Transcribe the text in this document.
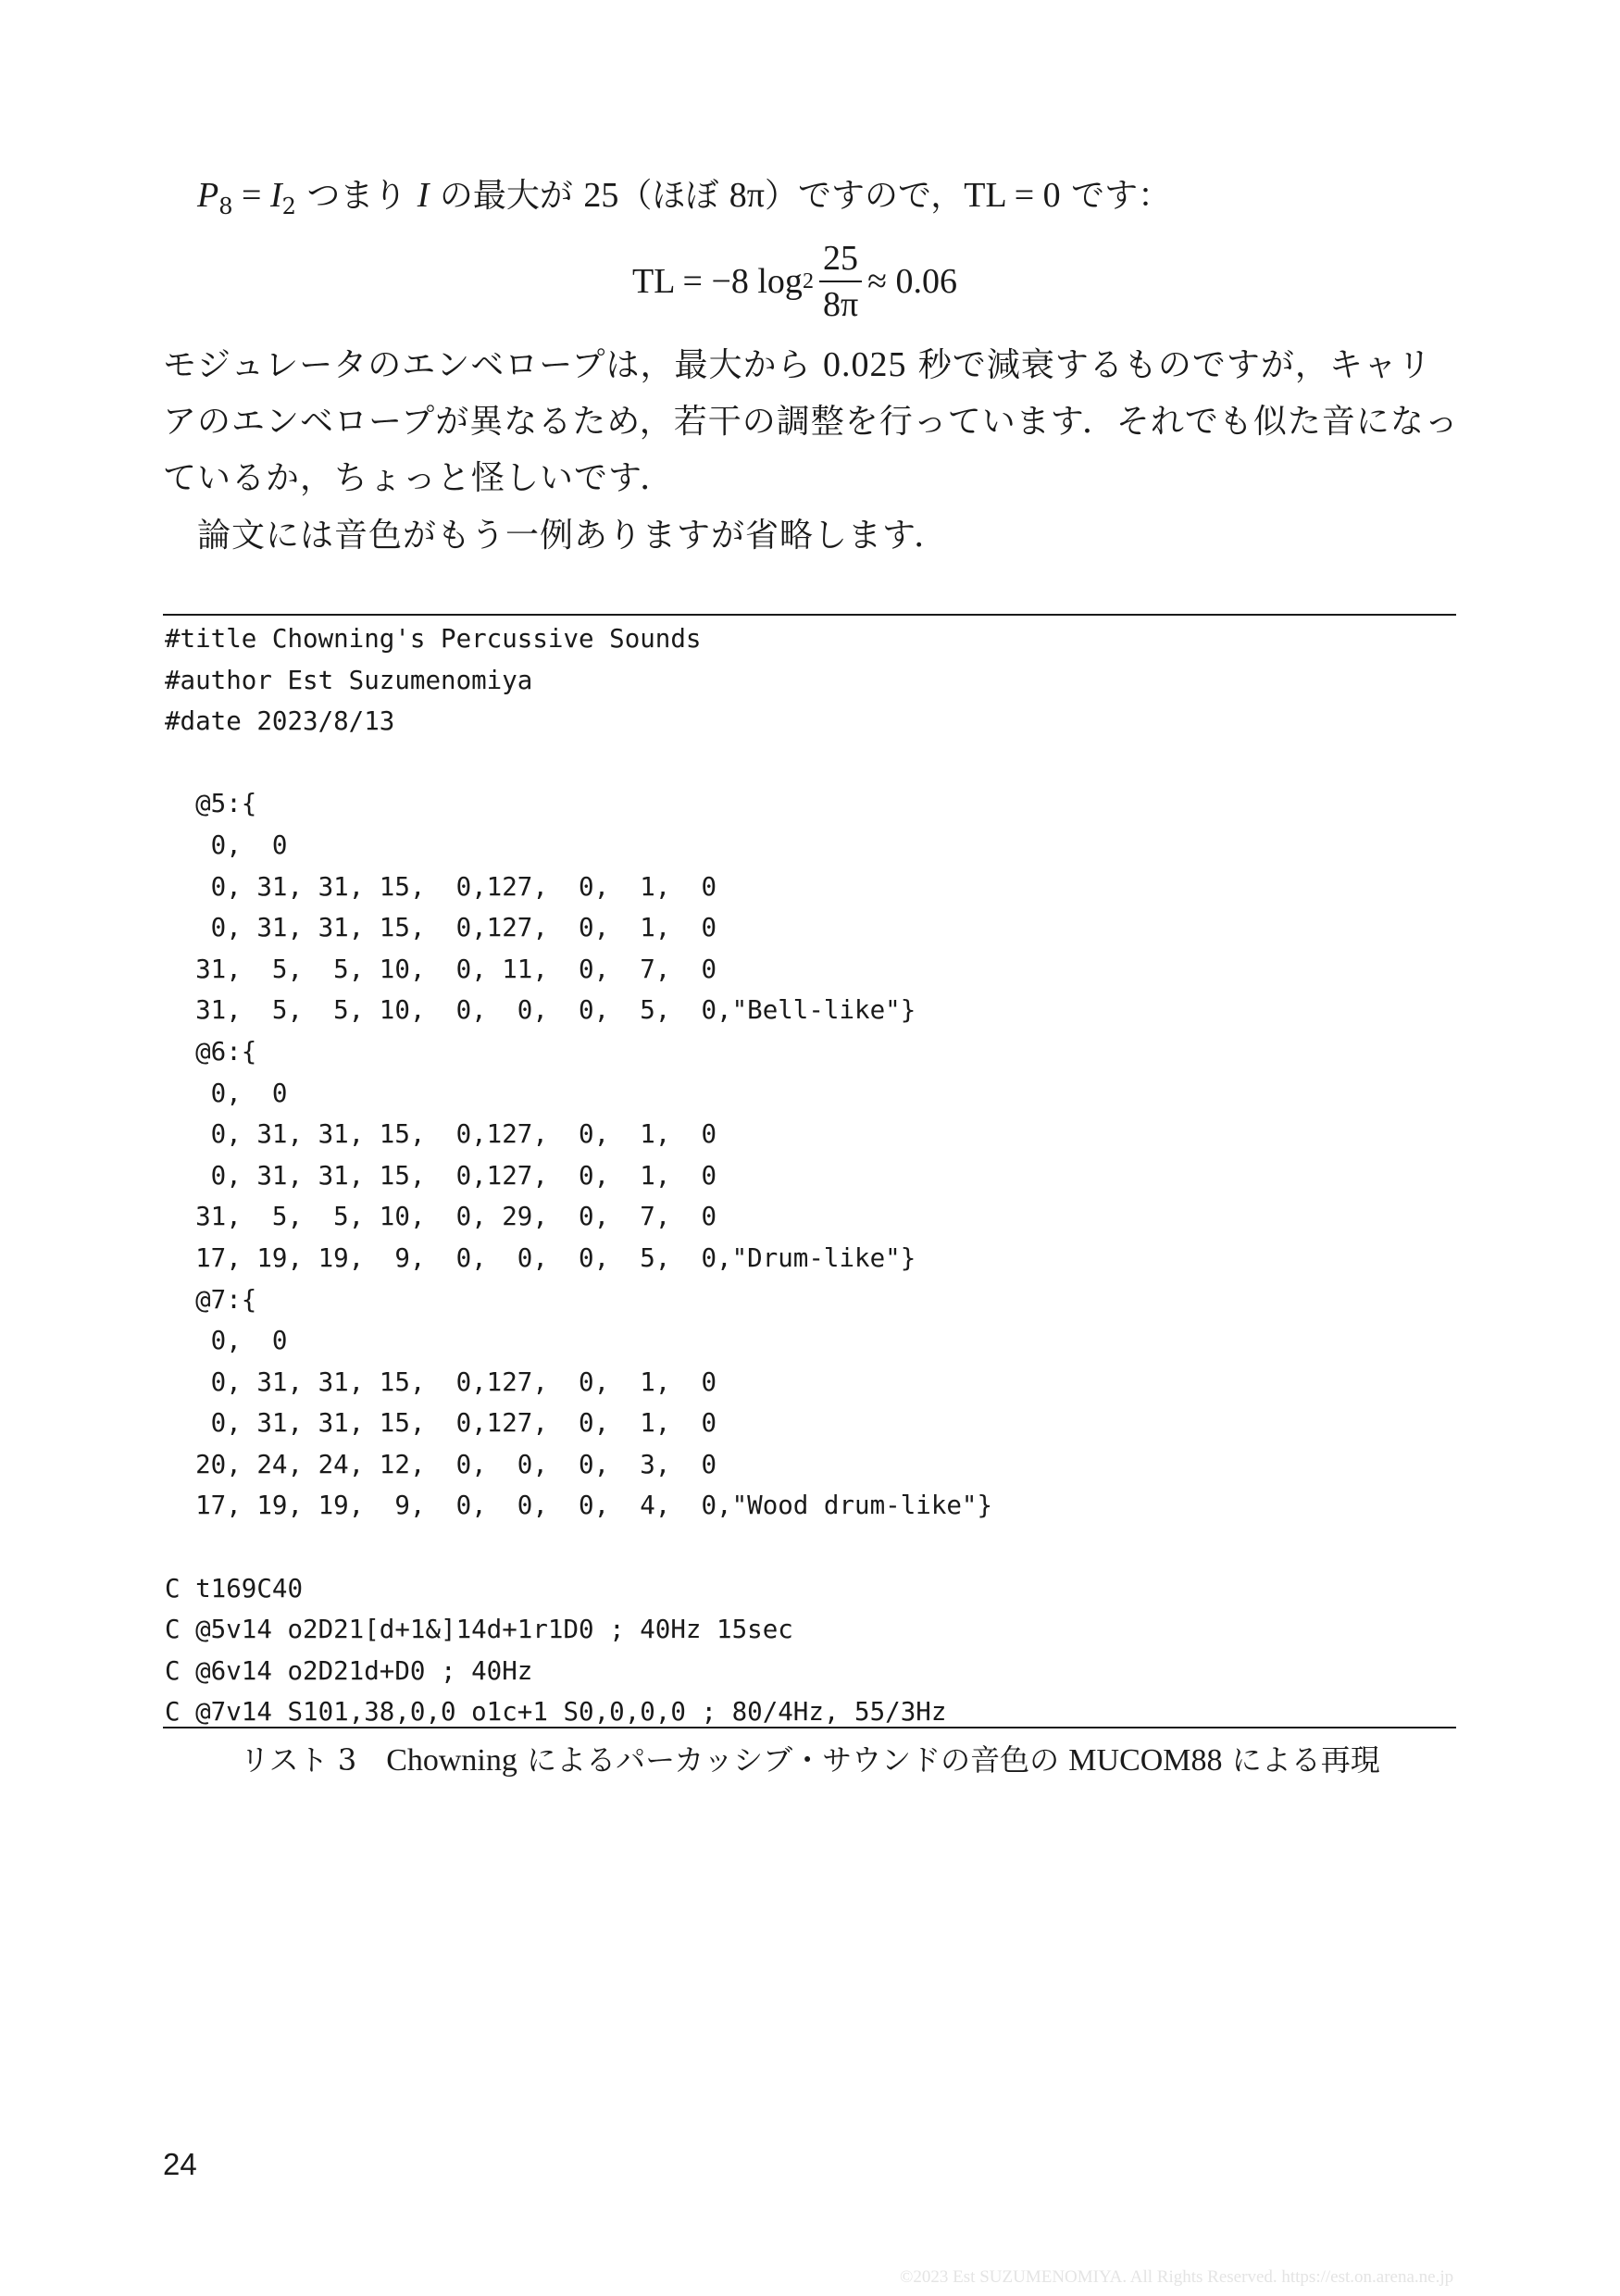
$P_8 = I_2$ つまり I の最大が 25（ほぼ 8π）ですので，TL = 0 です：
TL = −8 $\log 2 \frac{25}{8\pi} \approx 0.06$
モジュレータのエンベロープは，最大から 0.025 秒で減衰するものですが，キャリアのエンベロープが異なるため，若干の調整を行っています．それでも似た音になっているか，ちょっと怪しいです．
論文には音色がもう一例ありますが省略します．
#title Chowning's Percussive Sounds
#author Est Suzumenomiya
#date 2023/8/13
@5:{
0,  0
0, 31, 31, 15,  0,127,  0,  1,  0
0, 31, 31, 15,  0,127,  0,  1,  0
31,  5,  5, 10,  0, 11,  0,  7,  0
31,  5,  5, 10,  0,  0,  0,  5,  0,"Bell-like"}
@6:{
0,  0
0, 31, 31, 15,  0,127,  0,  1,  0
0, 31, 31, 15,  0,127,  0,  1,  0
31,  5,  5, 10,  0, 29,  0,  7,  0
17, 19, 19,  9,  0,  0,  0,  5,  0,"Drum-like"}
@7:{
0,  0
0, 31, 31, 15,  0,127,  0,  1,  0
0, 31, 31, 15,  0,127,  0,  1,  0
20, 24, 24, 12,  0,  0,  0,  3,  0
17, 19, 19,  9,  0,  0,  0,  4,  0,"Wood drum-like"}
C t169C40
C @5v14 o2D21[d+1&]14d+1r1D0 ; 40Hz 15sec
C @6v14 o2D21d+D0 ; 40Hz
C @7v14 S101,38,0,0 o1c+1 S0,0,0,0 ; 80/4Hz, 55/3Hz
リスト 3　 Chowning によるパーカッシブ・サウンドの音色の MUCOM88 による再現
24
©2023 Est SUZUMENOMIYA. All Rights Reserved. https://est.on.arena.ne.jp
